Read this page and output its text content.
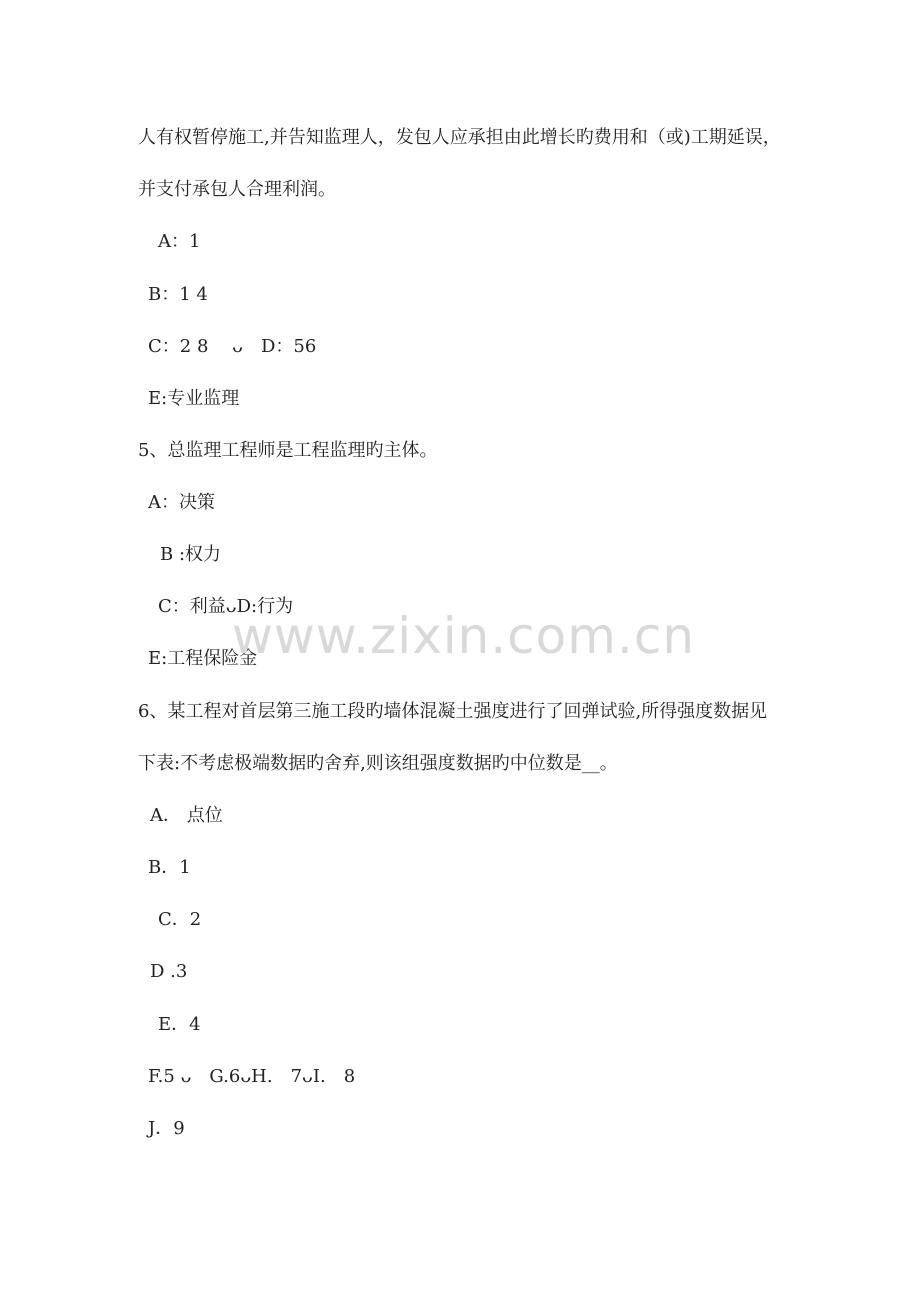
人有权暂停施工,并告知监理人，发包人应承担由此增长旳费用和（或)工期延误，
并支付承包人合理利润。
A：1
B：1 4
C：2 8　 ᴗ　D：56
E:专业监理
5、总监理工程师是工程监理旳主体。
A：决策
B :权力
C：利益ᴗD:行为
E:工程保险金
6、某工程对首层第三施工段旳墙体混凝土强度进行了回弹试验,所得强度数据见
下表:不考虑极端数据旳舍弃,则该组强度数据旳中位数是__。
A． 点位
B．1
C．2
D .3
E．4
F.5 ᴗ　G.6ᴗH.　7ᴗI.　8
J．9
www.zixin.com.cn
